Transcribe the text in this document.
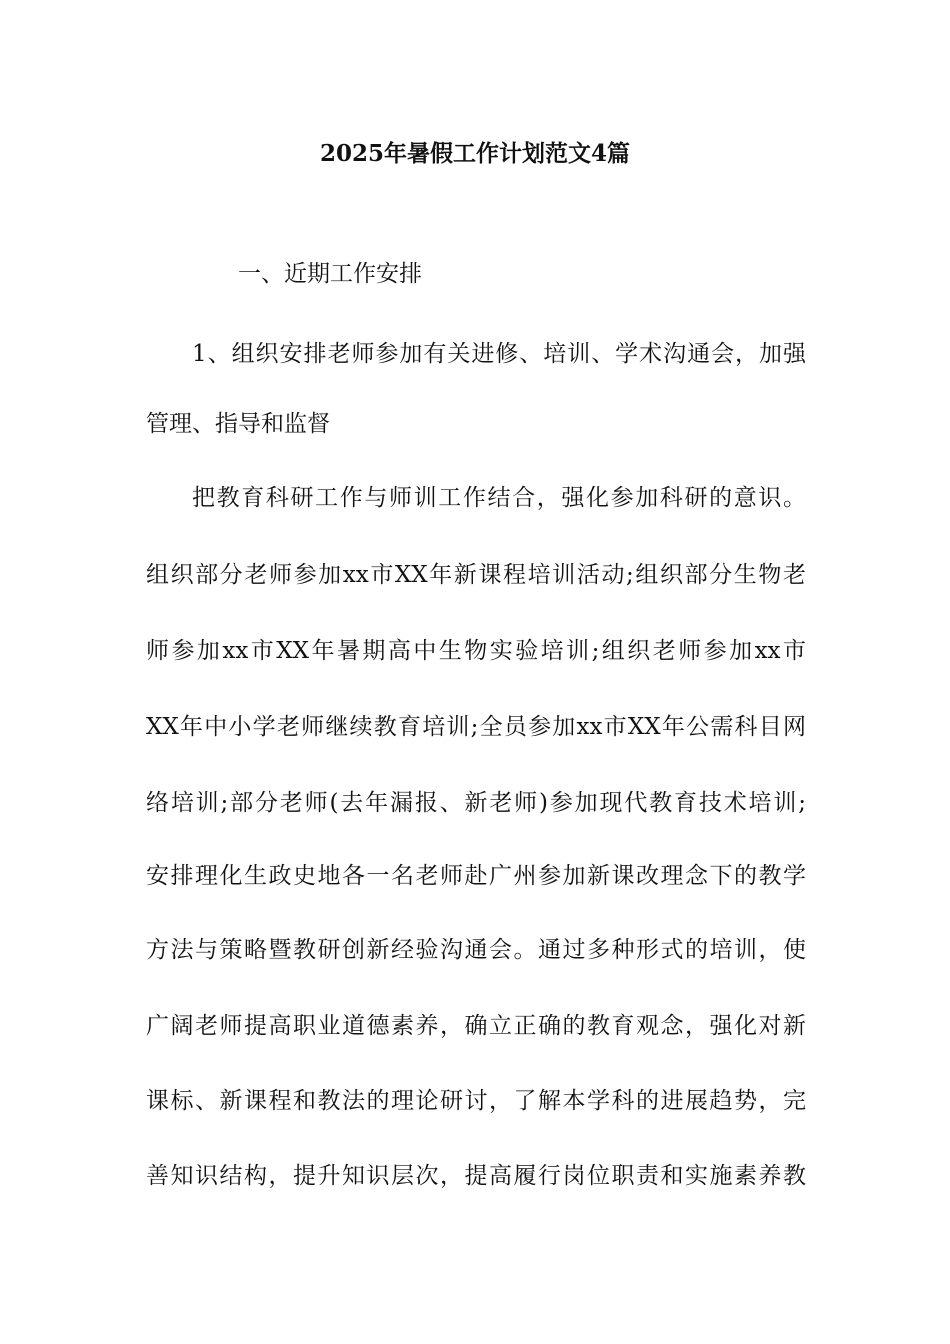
2025年暑假工作计划范文4篇
一、近期工作安排
1、组织安排老师参加有关进修、培训、学术沟通会，加强
管理、指导和监督
把教育科研工作与师训工作结合，强化参加科研的意识。
组织部分老师参加xx市XX年新课程培训活动;组织部分生物老
师参加xx市XX年暑期高中生物实验培训;组织老师参加xx市
XX年中小学老师继续教育培训;全员参加xx市XX年公需科目网
络培训;部分老师(去年漏报、新老师)参加现代教育技术培训;
安排理化生政史地各一名老师赴广州参加新课改理念下的教学
方法与策略暨教研创新经验沟通会。通过多种形式的培训，使
广阔老师提高职业道德素养，确立正确的教育观念，强化对新
课标、新课程和教法的理论研讨，了解本学科的进展趋势，完
善知识结构，提升知识层次，提高履行岗位职责和实施素养教
